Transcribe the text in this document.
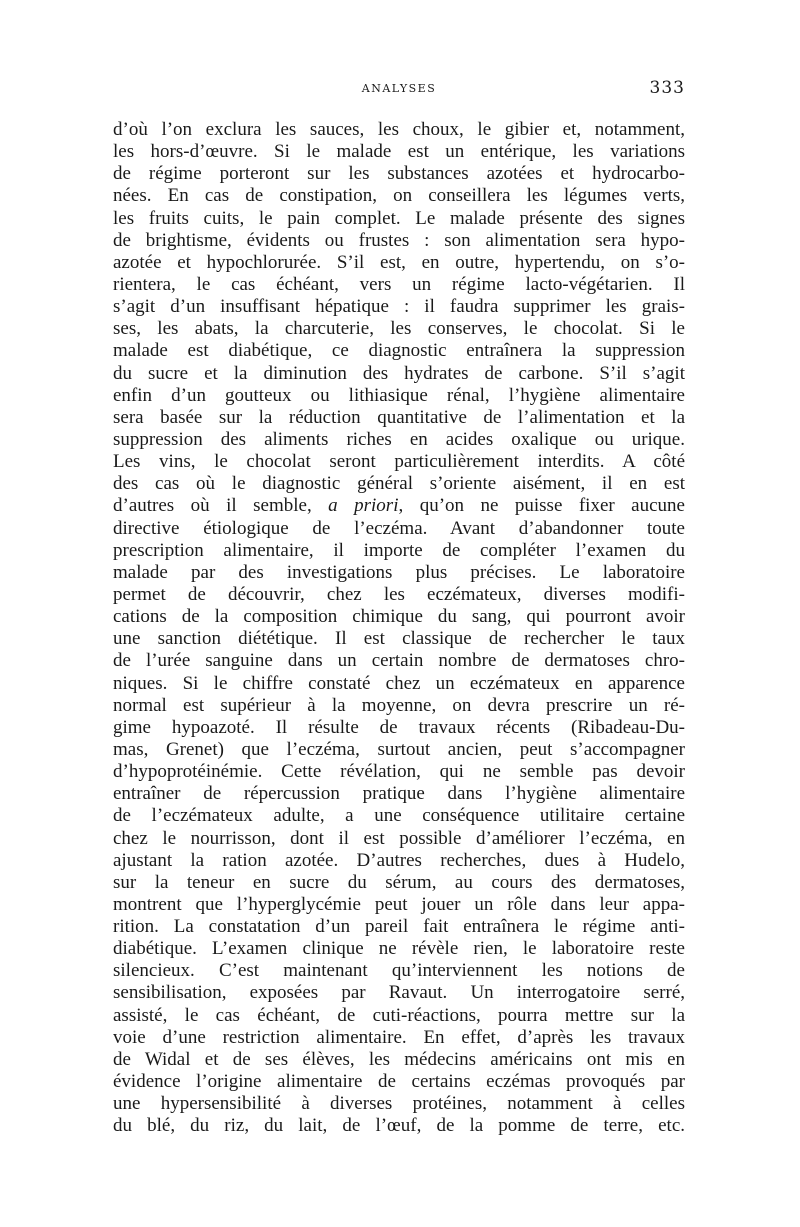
ANALYSES	333
d’où l’on exclura les sauces, les choux, le gibier et, notamment,
les hors-d’œuvre. Si le malade est un entérique, les variations
de régime porteront sur les substances azotées et hydrocarbo-
nées. En cas de constipation, on conseillera les légumes verts,
les fruits cuits, le pain complet. Le malade présente des signes
de brightisme, évidents ou frustes : son alimentation sera hypo-
azotée et hypochlorurée. S’il est, en outre, hypertendu, on s’o-
rientera, le cas échéant, vers un régime lacto-végétarien. Il
s’agit d’un insuffisant hépatique : il faudra supprimer les grais-
ses, les abats, la charcuterie, les conserves, le chocolat. Si le
malade est diabétique, ce diagnostic entraînera la suppression
du sucre et la diminution des hydrates de carbone. S’il s’agit
enfin d’un goutteux ou lithiasique rénal, l’hygiène alimentaire
sera basée sur la réduction quantitative de l’alimentation et la
suppression des aliments riches en acides oxalique ou urique.
Les vins, le chocolat seront particulièrement interdits. A côté
des cas où le diagnostic général s’oriente aisément, il en est
d’autres où il semble, a priori, qu’on ne puisse fixer aucune
directive étiologique de l’eczéma. Avant d’abandonner toute
prescription alimentaire, il importe de compléter l’examen du
malade par des investigations plus précises. Le laboratoire
permet de découvrir, chez les eczémateux, diverses modifi-
cations de la composition chimique du sang, qui pourront avoir
une sanction diététique. Il est classique de rechercher le taux
de l’urée sanguine dans un certain nombre de dermatoses chro-
niques. Si le chiffre constaté chez un eczémateux en apparence
normal est supérieur à la moyenne, on devra prescrire un ré-
gime hypoazoté. Il résulte de travaux récents (Ribadeau-Du-
mas, Grenet) que l’eczéma, surtout ancien, peut s’accompagner
d’hypoprotéinémie. Cette révélation, qui ne semble pas devoir
entraîner de répercussion pratique dans l’hygiène alimentaire
de l’eczémateux adulte, a une conséquence utilitaire certaine
chez le nourrisson, dont il est possible d’améliorer l’eczéma, en
ajustant la ration azotée. D’autres recherches, dues à Hudelo,
sur la teneur en sucre du sérum, au cours des dermatoses,
montrent que l’hyperglycémie peut jouer un rôle dans leur appa-
rition. La constatation d’un pareil fait entraînera le régime anti-
diabétique. L’examen clinique ne révèle rien, le laboratoire reste
silencieux. C’est maintenant qu’interviennent les notions de
sensibilisation, exposées par Ravaut. Un interrogatoire serré,
assisté, le cas échéant, de cuti-réactions, pourra mettre sur la
voie d’une restriction alimentaire. En effet, d’après les travaux
de Widal et de ses élèves, les médecins américains ont mis en
évidence l’origine alimentaire de certains eczémas provoqués par
une hypersensibilité à diverses protéines, notamment à celles
du blé, du riz, du lait, de l’œuf, de la pomme de terre, etc.
